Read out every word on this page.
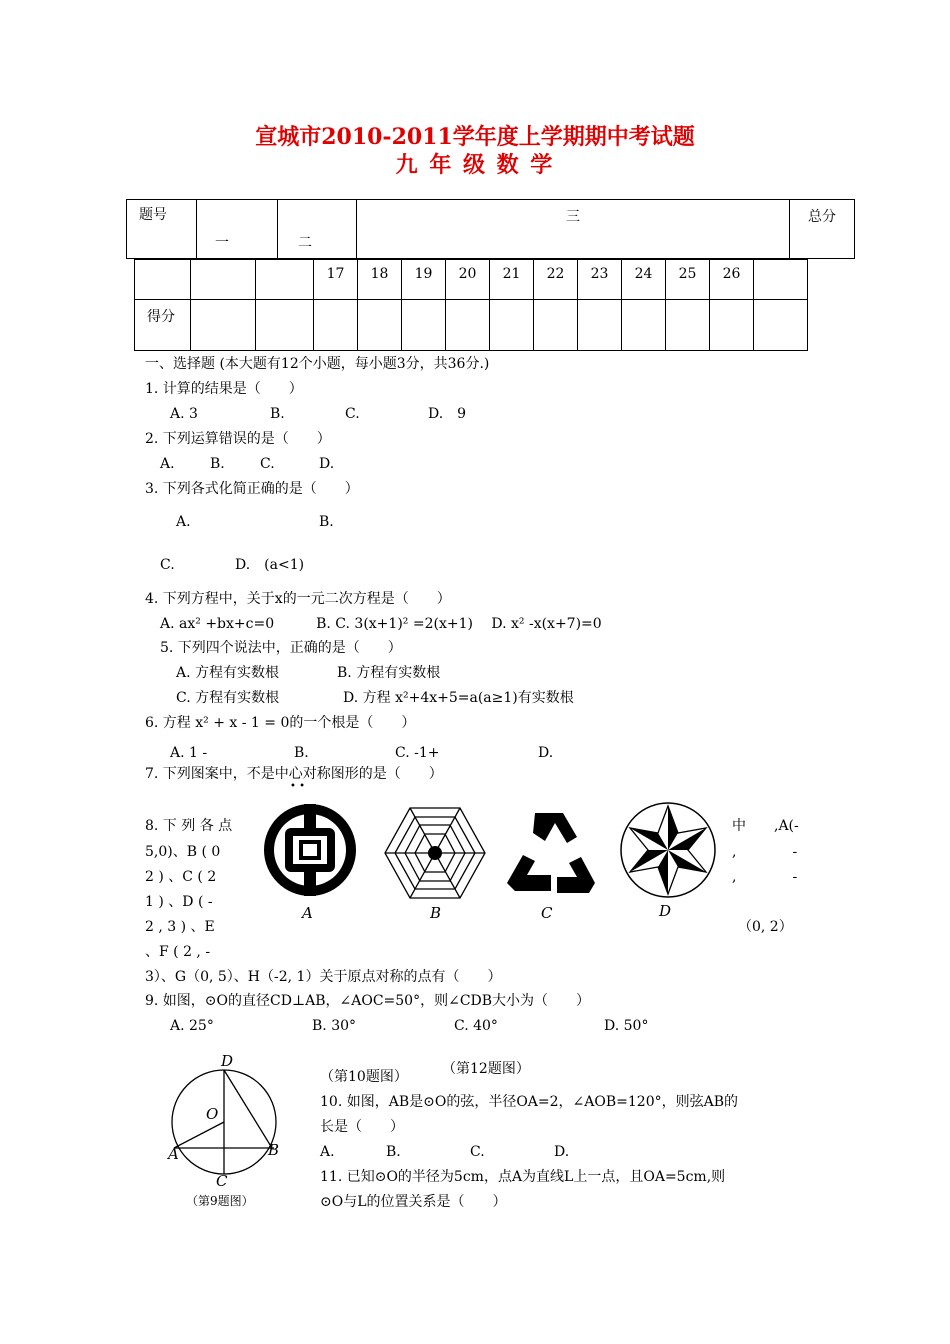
宣城市2010-2011学年度上学期期中考试题
九 年 级 数 学
题号	一	二	三	总分
			17	18	19	20	21	22	23	24	25	26	
得分													
一、选择题 (本大题有12个小题，每小题3分，共36分.)
1. 计算的结果是（　　）
A. 3	B.	C.	D.　9
2. 下列运算错误的是（　　）
A.	B.	C.	D.
3. 下列各式化简正确的是（　　）
A.	B.
C.	D.　(a<1)
4. 下列方程中，关于x的一元二次方程是（　　）
A. ax² +bx+c=0　　　B. C. 3(x+1)² =2(x+1)　 D. x² -x(x+7)=0
5. 下列四个说法中，正确的是（　　）
A. 方程有实数根	B. 方程有实数根
C. 方程有实数根	D. 方程 x²+4x+5=a(a≥1)有实数根
6. 方程 x² + x - 1 = 0的一个根是（　　）
A. 1 -	B.	C. -1+	D.
7. 下列图案中，不是中心对称图形的是（　　）
• •
8. 下 列 各 点
5,0)、B ( 0
2 ) 、C ( 2
1 ) 、D ( -
2 , 3 ) 、E
、F ( 2 , -
中　　,A(-
,　　　　-
,　　　　-
（0, 2）
3）、G（0, 5）、H（-2, 1）关于原点对称的点有（　　）
A	B	C	D
9. 如图，⊙O的直径CD⊥AB，∠AOC=50°，则∠CDB大小为（　　）
A. 25°	B. 30°	C. 40°	D. 50°
D
O
A	B
C
（第9题图）
（第10题图） （第12题图）
10. 如图，AB是⊙O的弦，半径OA=2，∠AOB=120°，则弦AB的
长是（　　）
A.	B.	C.	D.
11. 已知⊙O的半径为5cm，点A为直线L上一点，且OA=5cm,则
⊙O与L的位置关系是（　　）
